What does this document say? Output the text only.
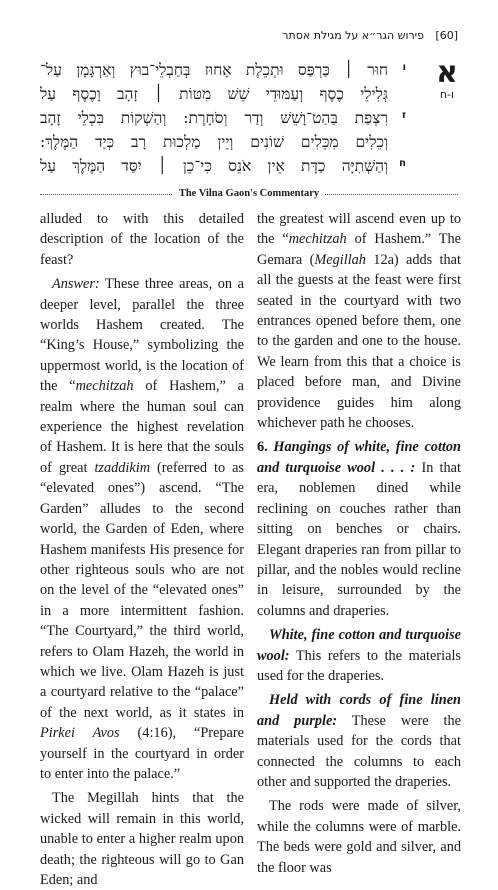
[60]
פירוש הגר״א על מגילת אסתר
א
ו-ח
ו
חוּר ׀ כַּרְפַּס וּתְכֵלֶת אָחוּז בְּחַבְלֵי־בוּץ וְאַרְגָּמָן עַל־
גְּלִילֵי כֶסֶף וְעַמּוּדֵי שֵׁשׁ מִטּוֹת ׀ זָהָב וָכֶסֶף עַל
ז
רִצְפַת בַּהַט־וָשֵׁשׁ וְדַר וְסֹחָרֶת: וְהַשְׁקוֹת בִּכְלֵי זָהָב
וְכֵלִים מִכֵּלִים שׁוֹנִים וְיֵין מַלְכוּת רָב כְּיַד הַמֶּלֶךְ:
ח
וְהַשְּׁתִיָּה כַדָּת אֵין אֹנֵס כִּי־כֵן ׀ יִסַּד הַמֶּלֶךְ עַל
The Vilna Gaon's Commentary

alluded to with this detailed description of the location of the feast?

Answer: These three areas, on a deeper level, parallel the three worlds Hashem created. The “King’s House,” symbolizing the uppermost world, is the location of the “mechitzah of Hashem,” a realm where the human soul can experience the highest revelation of Hashem. It is here that the souls of great tzaddikim (referred to as “elevated ones”) ascend. “The Garden” alludes to the second world, the Garden of Eden, where Hashem manifests His presence for other righteous souls who are not on the level of the “elevated ones” in a more intermittent fashion. “The Courtyard,” the third world, refers to Olam Hazeh, the world in which we live. Olam Hazeh is just a courtyard relative to the “palace” of the next world, as it states in Pirkei Avos (4:16), “Prepare yourself in the courtyard in order to enter into the palace.”

The Megillah hints that the wicked will remain in this world, unable to enter a higher realm upon death; the righteous will go to Gan Eden; and

the greatest will ascend even up to the “mechitzah of Hashem.” The Gemara (Megillah 12a) adds that all the guests at the feast were first seated in the courtyard with two entrances opened before them, one to the garden and one to the house. We learn from this that a choice is placed before man, and Divine providence guides him along whichever path he chooses.

6. Hangings of white, fine cotton and turquoise wool . . . : In that era, noblemen dined while reclining on couches rather than sitting on benches or chairs. Elegant draperies ran from pillar to pillar, and the nobles would recline in leisure, surrounded by the columns and draperies.

White, fine cotton and turquoise wool: This refers to the materials used for the draperies.

Held with cords of fine linen and purple: These were the materials used for the cords that connected the columns to each other and supported the draperies.

The rods were made of silver, while the columns were of marble. The beds were gold and silver, and the floor was
